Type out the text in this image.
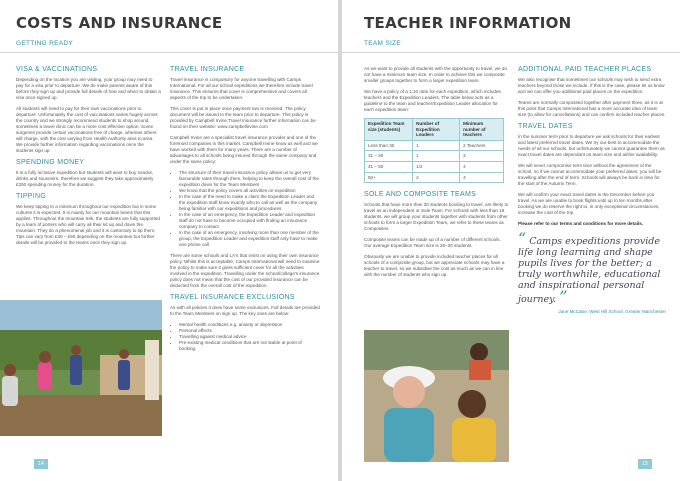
COSTS AND INSURANCE
GETTING READY
VISA & VACCINATIONS
Depending on the location you are visiting, your group may need to pay for a visa prior to departure. We do make parents aware of this before they sign up and provide full details of how and when to obtain a visa once signed up.
All students will need to pay for their own vaccinations prior to departure. Unfortunately the cost of vaccinations varies hugely across the country and we strongly recommend students to shop around, sometimes a travel clinic can be a more cost effective option. Some surgeries provide certain vaccinations free of charge, whereas others will charge, with the cost varying from Health Authority area to area. We provide further information regarding vaccinations once the students sign up.
SPENDING MONEY
It is a fully inclusive expedition but students will want to buy snacks, drinks and souvenirs, therefore we suggest they take approximately £250 spending money for the duration.
TIPPING
We keep tipping to a minimum throughout our expedition but in some cultures it is expected. It is mainly for our mountain teams that this applies. Throughout the mountain trek, the students are fully supported by a team of porters who will carry all their kit up and down the mountain. They do a phenomenal job and it is customary to tip them. Tips can vary from £40 – £60 depending on the mountain but further details will be provided to the teams once they sign up.
TRAVEL INSURANCE
Travel insurance is compulsory for anyone travelling with Camps International. For all our school expeditions we therefore include travel insurance. This ensures that cover is comprehensive and covers all aspects of the trip to be undertaken.
This cover is put in place once payment two is received. The policy document will be issued to the team prior to departure. This policy is provided by Campbell Irvine Travel Insurance further information can be found on their website: www.campbellirvine.com
Campbell Irvine are a specialist travel insurance provider and one of the foremost companies in this market. Campbell Irvine know us well and we have worked with them for many years. There are a number of advantages to all schools being insured through the same company and under the same policy:
• The structure of their travel insurance policy allows us to get very favourable rates through them, helping to keep the overall cost of the expedition down for the Team Members
• We know that the policy covers all activities on expedition
• In the case of the need to make a claim the Expedition Leader and the expedition staff know exactly who to call as well as the company being familiar with our expeditions and procedures
• In the case of an emergency, the Expedition Leader and expedition staff do not have to become occupied with finding an insurance company to contact
• In the case of an emergency, involving more than one member of the group, the Expedition Leader and expedition staff only have to make one phone call.
There are some schools and LA's that insist on using their own insurance policy. Whilst this is acceptable, Camps International will need to examine the policy to make sure it gives sufficient cover for all the activities involved in the expedition. Travelling under the school/college's insurance policy does not mean that the cost of our provided insurance can be deducted from the overall cost of the expedition.
TRAVEL INSURANCE EXCLUSIONS
As with all policies it does have some exclusions. Full details are provided to the Team Members on sign up. The key ones are below:
• Mental health conditions e.g. anxiety or depression
• Personal effects
• Travelling against medical advice
• Pre-existing medical conditions that are not stable at point of booking.
14
TEACHER INFORMATION
TEAM SIZE
As we want to provide all students with the opportunity to travel, we do not have a minimum team size. In order to achieve this we composite smaller groups together to form a larger expedition team.
We have a policy of a 1:10 ratio for each expedition, which includes teachers and the Expedition Leaders. The table below acts as a guideline to the team and teacher/Expedition Leader allocation for each expedition team:
Expedition Team size (students)	Number of Expedition Leaders	Minimum number of teachers
Less than 30	1	2 Teachers
31 – 40	1	3
41 – 50	1/2	4
50+	2	4
SOLE AND COMPOSITE TEAMS
Schools that have more than 20 students booking to travel, are likely to travel as an independent or Sole Team. For schools with less than 18 students, we will group your students together with students from other schools to form a larger Expedition Team, we refer to these teams as Composites.
Composite teams can be made up of a number of different schools. Our average Expedition Team size is 25–30 students.
Obviously we are unable to provide included teacher places for all schools of a composite group, but we appreciate schools may have a teacher to travel, so we subsidise the cost as much as we can in line with the number of students who sign up.
ADDITIONAL PAID TEACHER PLACES
We also recognise that sometimes our schools may wish to send extra teachers beyond those we include. If this is the case, please let us know and we can offer you additional paid places on the expedition.
Teams are normally composited together after payment three, as it is at this point that Camps International has a more accurate idea of team size (to allow for cancellations) and can confirm included teacher places.
TRAVEL DATES
In the summer term prior to departure we ask schools for their earliest and latest preferred travel dates. We try our best to accommodate the needs of all our schools, but unfortunately we cannot guarantee them as exact travel dates are dependant on team size and airline availability.
We will never compromise term time without the agreement of the school, so if we cannot accommodate your preferred dates, you will be travelling after the end of term. Schools will always be back in time for the start of the Autumn Term.
We will confirm your exact travel dates in the December before you travel. As we are unable to book flights until up to ten months after booking we do reserve the right to, in only exceptional circumstances, increase the cost of the trip.
Please refer to our terms and conditions for more details.
“ Camps expeditions provide life long learning and shape pupils lives for the better; a truly worthwhile, educational and inspirational personal journey. ”
Jane McCabe, West Hill School, Greater Manchester
15
